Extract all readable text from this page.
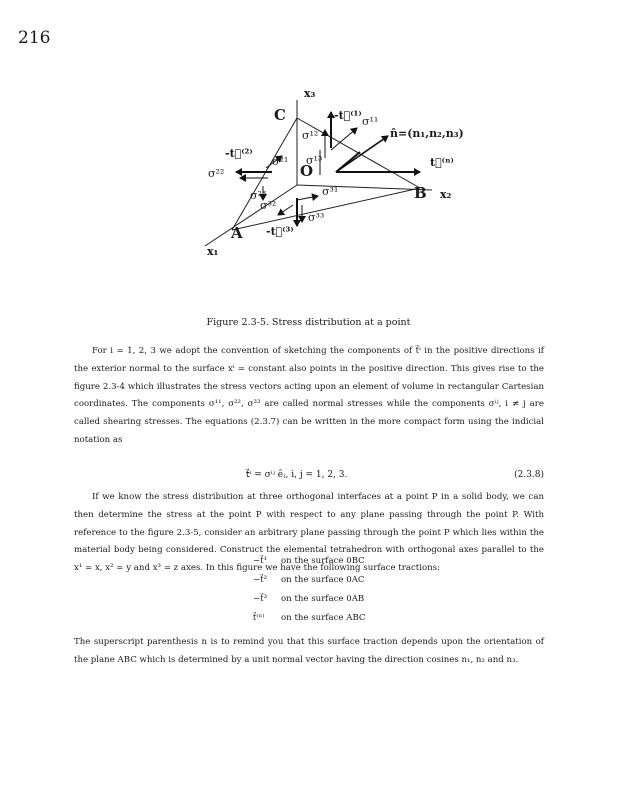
216
x₃
C	-t⃗⁽¹⁾ σ¹¹
n̂=(n₁,n₂,n₃)
σ¹²
-t⃗⁽²⁾
σ²¹ σ¹³	t⃗⁽ⁿ⁾
σ²²	O
B x₂
σ³¹
σ²³
σ³²
σ³³
A -t⃗⁽³⁾
x₁
Figure 2.3-5. Stress distribution at a point
For i = 1, 2, 3 we adopt the convention of sketching the components of t⃗ⁱ in the positive directions if the exterior normal to the surface xⁱ = constant also points in the positive direction. This gives rise to the figure 2.3-4 which illustrates the stress vectors acting upon an element of volume in rectangular Cartesian coordinates. The components σ¹¹, σ²², σ³³ are called normal stresses while the components σⁱʲ, i ≠ j are called shearing stresses. The equations (2.3.7) can be written in the more compact form using the indicial notation as
t⃗ⁱ = σⁱʲ êⱼ, i, j = 1, 2, 3.	(2.3.8)
If we know the stress distribution at three orthogonal interfaces at a point P in a solid body, we can then determine the stress at the point P with respect to any plane passing through the point P. With reference to the figure 2.3-5, consider an arbitrary plane passing through the point P which lies within the material body being considered. Construct the elemental tetrahedron with orthogonal axes parallel to the x¹ = x, x² = y and x³ = z axes. In this figure we have the following surface tractions:
−t⃗¹ on the surface 0BC
−t⃗² on the surface 0AC
−t⃗³ on the surface 0AB
t⃗⁽ⁿ⁾ on the surface ABC
The superscript parenthesis n is to remind you that this surface traction depends upon the orientation of the plane ABC which is determined by a unit normal vector having the direction cosines n₁, n₂ and n₃.
